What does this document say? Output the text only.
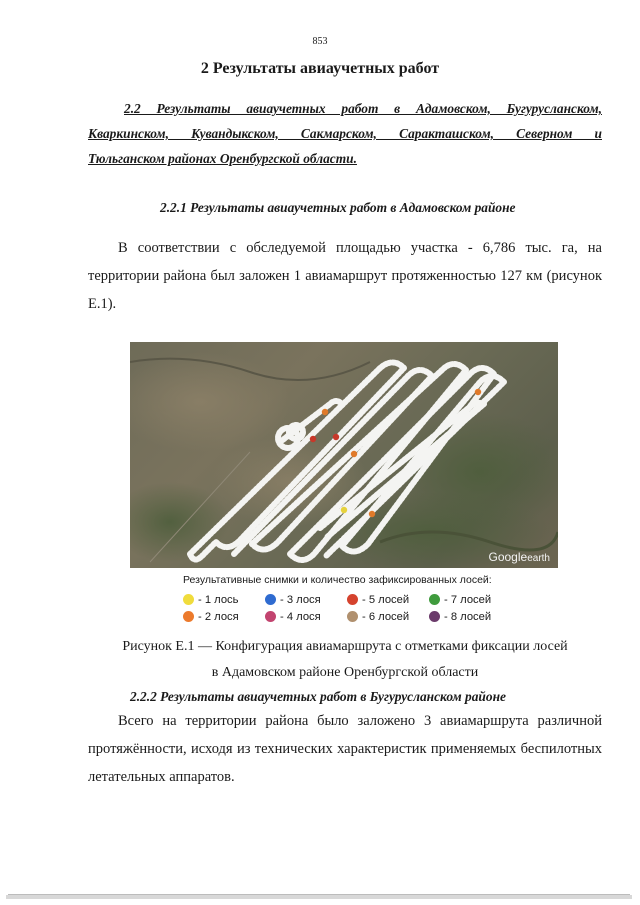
853
2 Результаты авиаучетных работ
2.2 Результаты авиаучетных работ в Адамовском, Бугурусланском,
Кваркинском, Кувандыкском, Сакмарском, Саракташском, Северном и
Тюльганском районах Оренбургской области.
2.2.1 Результаты авиаучетных работ в Адамовском районе
В соответствии с обследуемой площадью участка - 6,786 тыс. га, на территории района был заложен 1 авиамаршрут протяженностью 127 км (рисунок Е.1).
Googleearth
Результативные снимки и количество зафиксированных лосей:
- 1 лось	- 3 лося	- 5 лосей	- 7 лосей
- 2 лося	- 4 лося	- 6 лосей	- 8 лосей
Рисунок Е.1 — Конфигурация авиамаршрута с отметками фиксации лосей
в Адамовском районе Оренбургской области
2.2.2 Результаты авиаучетных работ в Бугурусланском районе
Всего на территории района было заложено 3 авиамаршрута различной протяжённости, исходя из технических характеристик применяемых беспилотных летательных аппаратов.
